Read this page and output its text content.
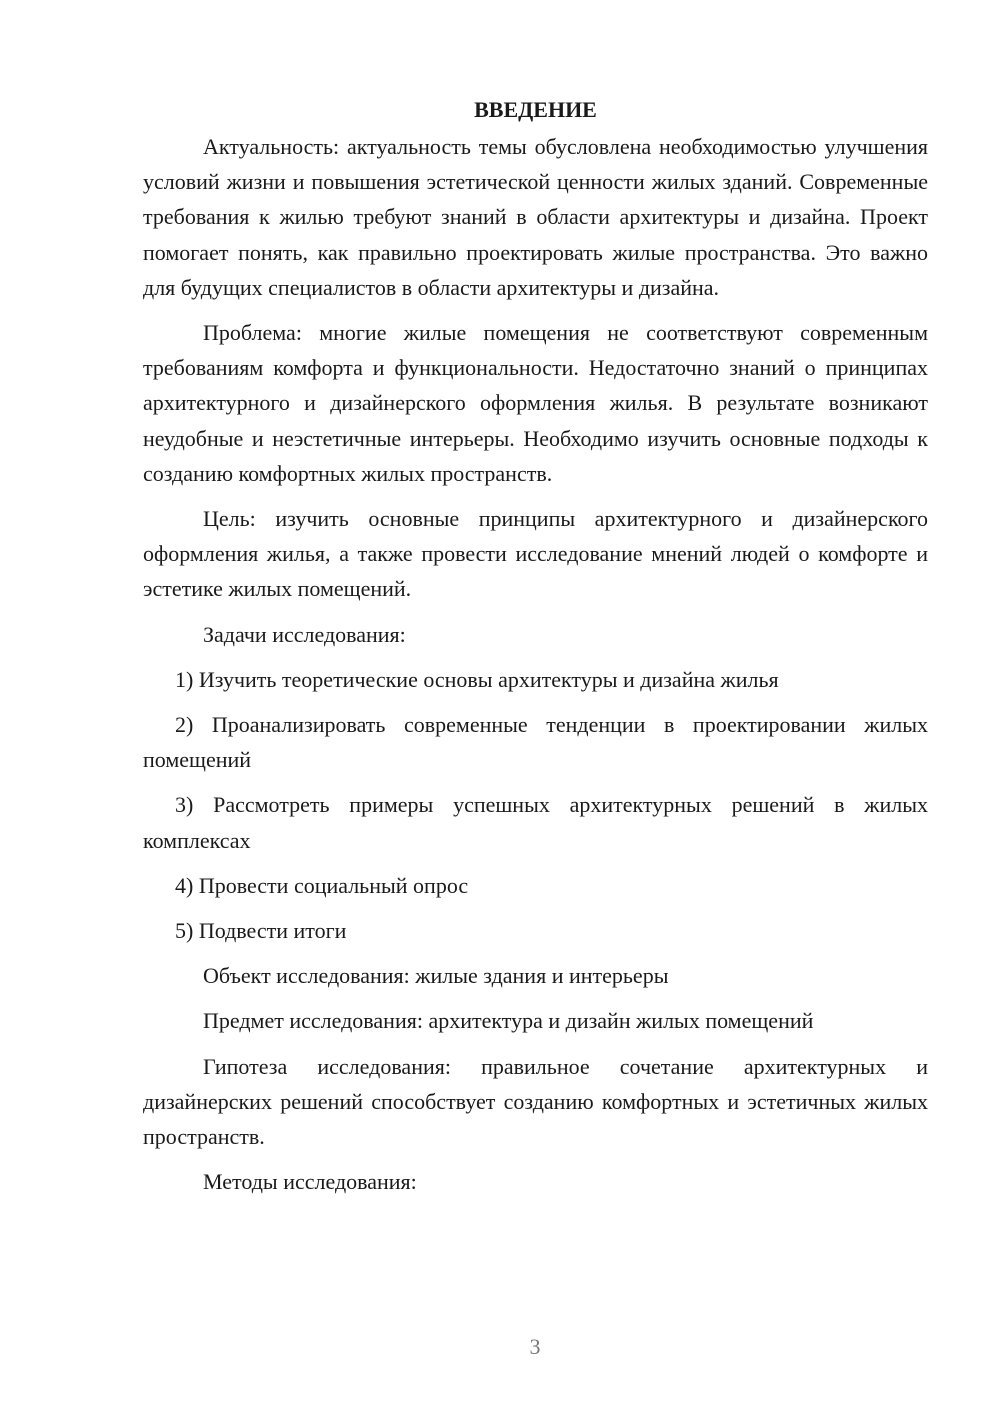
ВВЕДЕНИЕ

Актуальность: актуальность темы обусловлена необходимостью улучшения условий жизни и повышения эстетической ценности жилых зданий. Современные требования к жилью требуют знаний в области архитектуры и дизайна. Проект помогает понять, как правильно проектировать жилые пространства. Это важно для будущих специалистов в области архитектуры и дизайна.

Проблема: многие жилые помещения не соответствуют современным требованиям комфорта и функциональности. Недостаточно знаний о принципах архитектурного и дизайнерского оформления жилья. В результате возникают неудобные и неэстетичные интерьеры. Необходимо изучить основные подходы к созданию комфортных жилых пространств.

Цель: изучить основные принципы архитектурного и дизайнерского оформления жилья, а также провести исследование мнений людей о комфорте и эстетике жилых помещений.

Задачи исследования:

1) Изучить теоретические основы архитектуры и дизайна жилья

2) Проанализировать современные тенденции в проектировании жилых помещений

3) Рассмотреть примеры успешных архитектурных решений в жилых комплексах

4) Провести социальный опрос

5) Подвести итоги

Объект исследования: жилые здания и интерьеры

Предмет исследования: архитектура и дизайн жилых помещений

Гипотеза исследования: правильное сочетание архитектурных и дизайнерских решений способствует созданию комфортных и эстетичных жилых пространств.

Методы исследования:

3
